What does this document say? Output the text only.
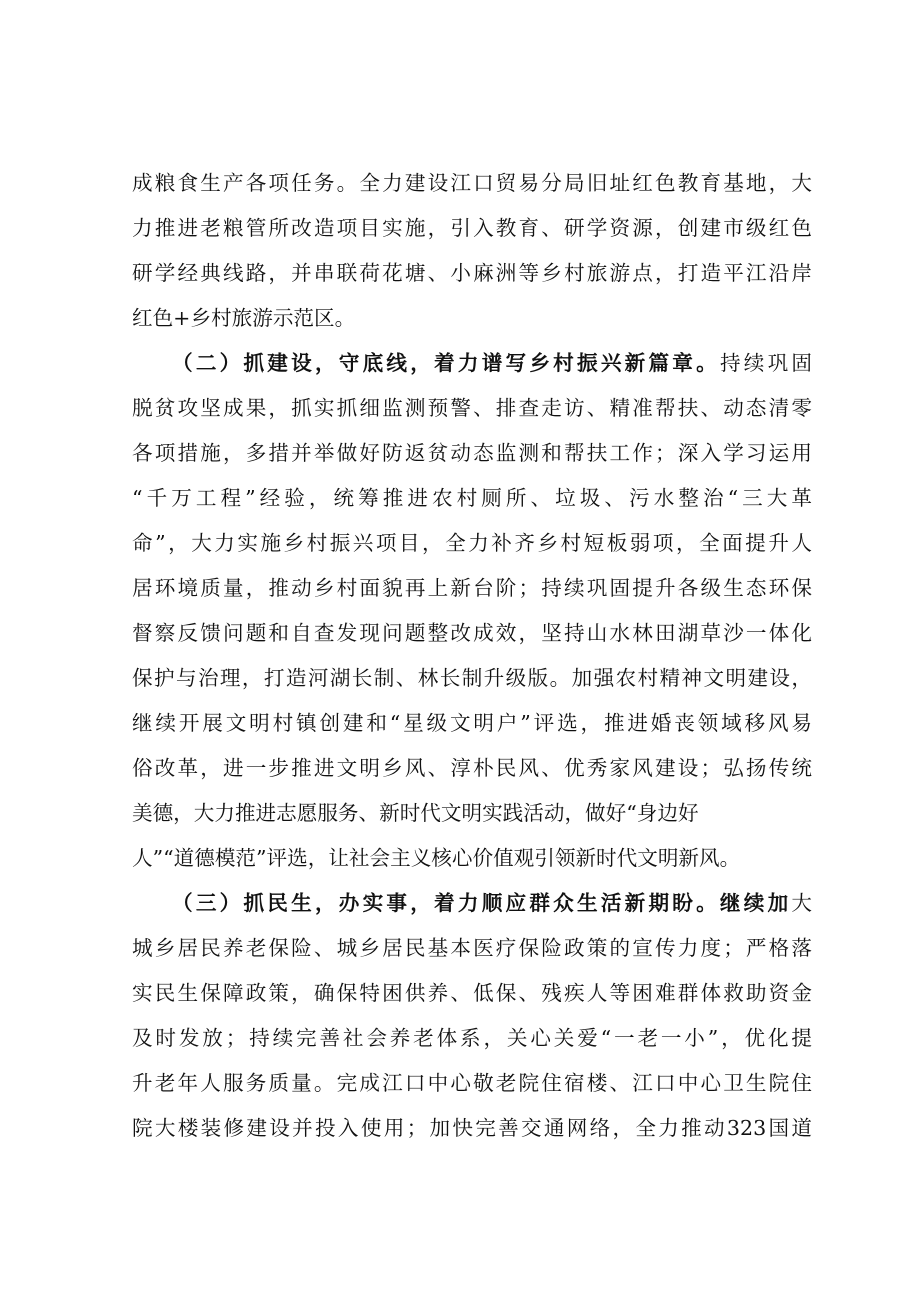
成粮食生产各项任务。全力建设江口贸易分局旧址红色教育基地，大
力推进老粮管所改造项目实施，引入教育、研学资源，创建市级红色
研学经典线路，并串联荷花塘、小麻洲等乡村旅游点，打造平江沿岸
红色+乡村旅游示范区。
（二）抓建设，守底线，着力谱写乡村振兴新篇章。持续巩固
脱贫攻坚成果，抓实抓细监测预警、排查走访、精准帮扶、动态清零
各项措施，多措并举做好防返贫动态监测和帮扶工作；深入学习运用
“千万工程”经验，统筹推进农村厕所、垃圾、污水整治“三大革
命”，大力实施乡村振兴项目，全力补齐乡村短板弱项，全面提升人
居环境质量，推动乡村面貌再上新台阶；持续巩固提升各级生态环保
督察反馈问题和自查发现问题整改成效，坚持山水林田湖草沙一体化
保护与治理，打造河湖长制、林长制升级版。加强农村精神文明建设，
继续开展文明村镇创建和“星级文明户”评选，推进婚丧领域移风易
俗改革，进一步推进文明乡风、淳朴民风、优秀家风建设；弘扬传统
美德，大力推进志愿服务、新时代文明实践活动，做好“身边好
人”“道德模范”评选，让社会主义核心价值观引领新时代文明新风。
（三）抓民生，办实事，着力顺应群众生活新期盼。继续加大
城乡居民养老保险、城乡居民基本医疗保险政策的宣传力度；严格落
实民生保障政策，确保特困供养、低保、残疾人等困难群体救助资金
及时发放；持续完善社会养老体系，关心关爱“一老一小”，优化提
升老年人服务质量。完成江口中心敬老院住宿楼、江口中心卫生院住
院大楼装修建设并投入使用；加快完善交通网络，全力推动323国道
